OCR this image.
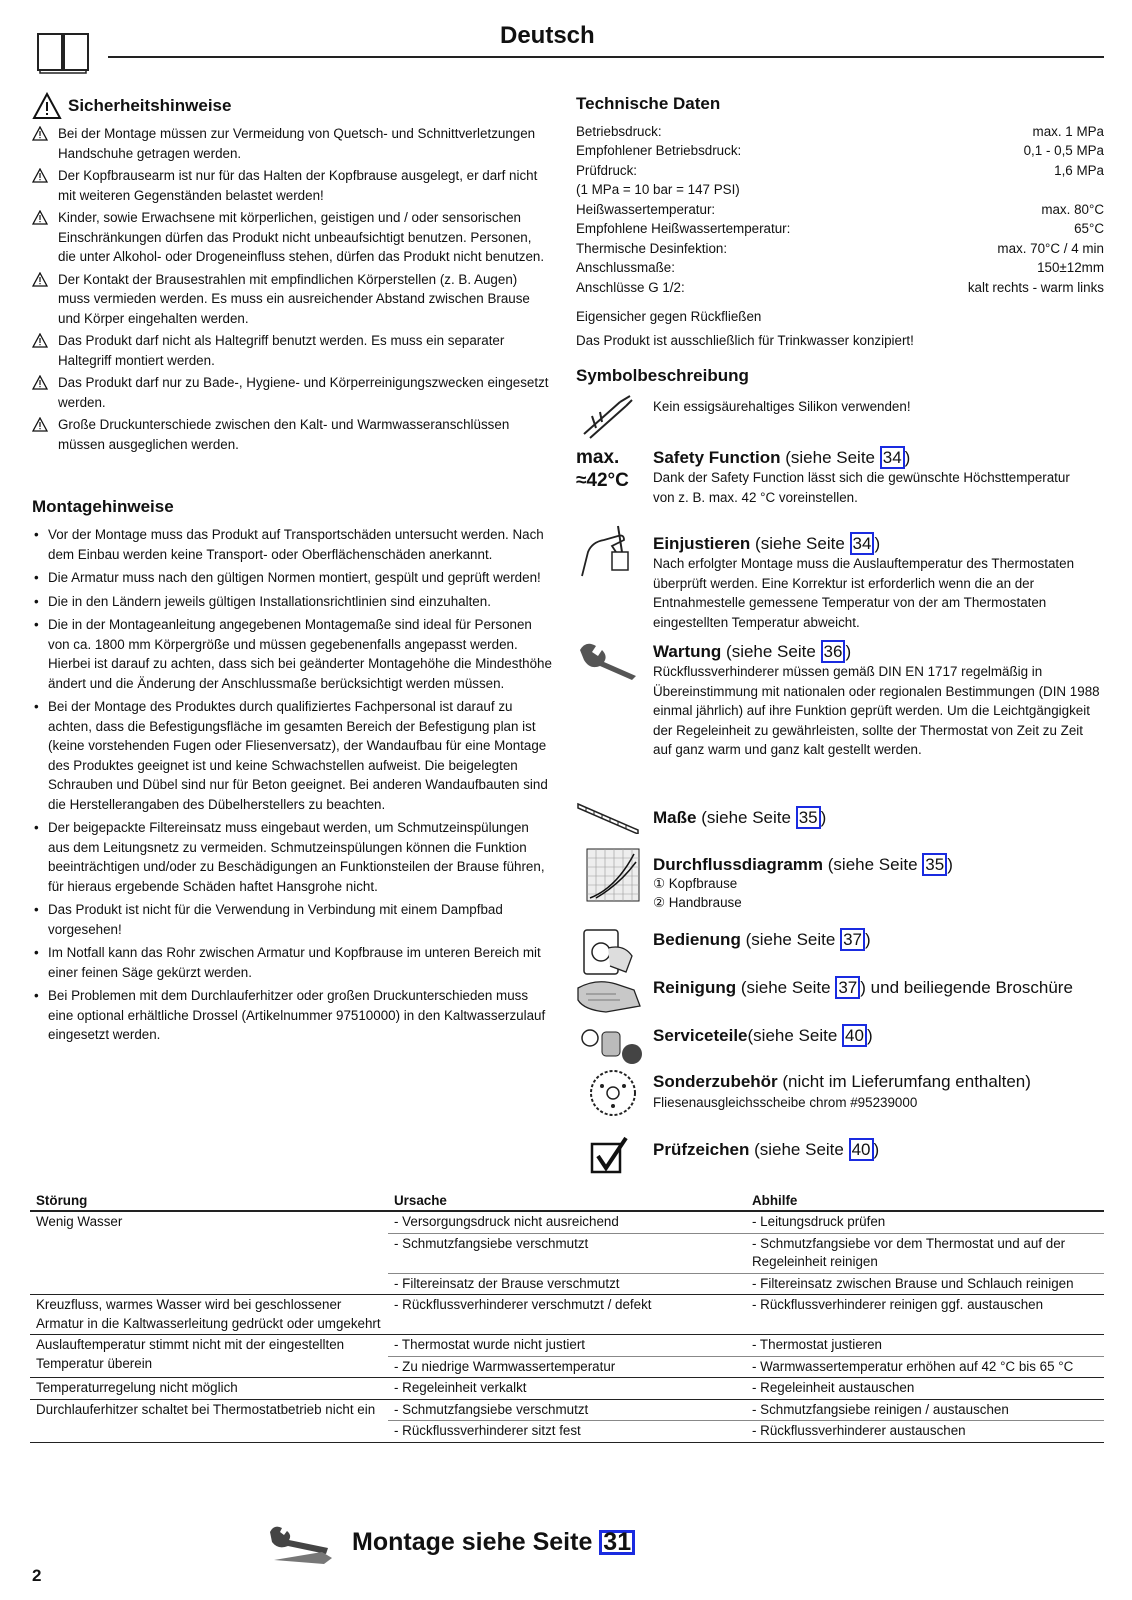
Deutsch
Sicherheitshinweise
Bei der Montage müssen zur Vermeidung von Quetsch- und Schnittverletzungen Handschuhe getragen werden.
Der Kopfbrausearm ist nur für das Halten der Kopfbrause ausgelegt, er darf nicht mit weiteren Gegenständen belastet werden!
Kinder, sowie Erwachsene mit körperlichen, geistigen und / oder sensorischen Einschränkungen dürfen das Produkt nicht unbeaufsichtigt benutzen. Personen, die unter Alkohol- oder Drogeneinfluss stehen, dürfen das Produkt nicht benutzen.
Der Kontakt der Brausestrahlen mit empfindlichen Körperstellen (z. B. Augen) muss vermieden werden. Es muss ein ausreichender Abstand zwischen Brause und Körper eingehalten werden.
Das Produkt darf nicht als Haltegriff benutzt werden. Es muss ein separater Haltegriff montiert werden.
Das Produkt darf nur zu Bade-, Hygiene- und Körperreinigungszwecken eingesetzt werden.
Große Druckunterschiede zwischen den Kalt- und Warmwasseranschlüssen müssen ausgeglichen werden.
Montagehinweise
• Vor der Montage muss das Produkt auf Transportschäden untersucht werden. Nach dem Einbau werden keine Transport- oder Oberflächenschäden anerkannt.
• Die Armatur muss nach den gültigen Normen montiert, gespült und geprüft werden!
• Die in den Ländern jeweils gültigen Installationsrichtlinien sind einzuhalten.
• Die in der Montageanleitung angegebenen Montagemaße sind ideal für Personen von ca. 1800 mm Körpergröße und müssen gegebenenfalls angepasst werden. Hierbei ist darauf zu achten, dass sich bei geänderter Montagehöhe die Mindesthöhe ändert und die Änderung der Anschlussmaße berücksichtigt werden müssen.
• Bei der Montage des Produktes durch qualifiziertes Fachpersonal ist darauf zu achten, dass die Befestigungsfläche im gesamten Bereich der Befestigung plan ist (keine vorstehenden Fugen oder Fliesenversatz), der Wandaufbau für eine Montage des Produktes geeignet ist und keine Schwachstellen aufweist. Die beigelegten Schrauben und Dübel sind nur für Beton geeignet. Bei anderen Wandaufbauten sind die Herstellerangaben des Dübelherstellers zu beachten.
• Der beigepackte Filtereinsatz muss eingebaut werden, um Schmutzeinspülungen aus dem Leitungsnetz zu vermeiden. Schmutzeinspülungen können die Funktion beeinträchtigen und/oder zu Beschädigungen an Funktionsteilen der Brause führen, für hieraus ergebende Schäden haftet Hansgrohe nicht.
• Das Produkt ist nicht für die Verwendung in Verbindung mit einem Dampfbad vorgesehen!
• Im Notfall kann das Rohr zwischen Armatur und Kopfbrause im unteren Bereich mit einer feinen Säge gekürzt werden.
• Bei Problemen mit dem Durchlauferhitzer oder großen Druckunterschieden muss eine optional erhältliche Drossel (Artikelnummer 97510000) in den Kaltwasserzulauf eingesetzt werden.
Technische Daten
Betriebsdruck:	max. 1 MPa
Empfohlener Betriebsdruck:	0,1 - 0,5 MPa
Prüfdruck:	1,6 MPa
(1 MPa = 10 bar = 147 PSI)
Heißwassertemperatur:	max. 80°C
Empfohlene Heißwassertemperatur:	65°C
Thermische Desinfektion:	max. 70°C / 4 min
Anschlussmaße:	150±12mm
Anschlüsse G 1/2:	kalt rechts - warm links
Eigensicher gegen Rückfließen
Das Produkt ist ausschließlich für Trinkwasser konzipiert!
Symbolbeschreibung
Kein essigsäurehaltiges Silikon verwenden!
max.
≈42°C
Safety Function (siehe Seite 34 )
Dank der Safety Function lässt sich die gewünschte Höchsttemperatur von z. B. max. 42 °C voreinstellen.
Einjustieren (siehe Seite 34 )
Nach erfolgter Montage muss die Auslauftemperatur des Thermostaten überprüft werden. Eine Korrektur ist erforderlich wenn die an der Entnahmestelle gemessene Temperatur von der am Thermostaten eingestellten Temperatur abweicht.
Wartung (siehe Seite 36 )
Rückflussverhinderer müssen gemäß DIN EN 1717 regelmäßig in Übereinstimmung mit nationalen oder regionalen Bestimmungen (DIN 1988 einmal jährlich) auf ihre Funktion geprüft werden. Um die Leichtgängigkeit der Regeleinheit zu gewährleisten, sollte der Thermostat von Zeit zu Zeit auf ganz warm und ganz kalt gestellt werden.
Maße (siehe Seite 35 )
Durchflussdiagramm (siehe Seite 35 )
① Kopfbrause
② Handbrause
Bedienung (siehe Seite 37 )
Reinigung (siehe Seite 37 ) und beiliegende Broschüre
Serviceteile(siehe Seite 40 )
Sonderzubehör (nicht im Lieferumfang enthalten)
Fliesenausgleichsscheibe chrom #95239000
Prüfzeichen (siehe Seite 40 )
Störung	Ursache	Abhilfe
Wenig Wasser	- Versorgungsdruck nicht ausreichend	- Leitungsdruck prüfen
	- Schmutzfangsiebe verschmutzt	- Schmutzfangsiebe vor dem Thermostat und auf der Regeleinheit reinigen
	- Filtereinsatz der Brause verschmutzt	- Filtereinsatz zwischen Brause und Schlauch reinigen
Kreuzfluss, warmes Wasser wird bei geschlossener Armatur in die Kaltwasserleitung gedrückt oder umgekehrt	- Rückflussverhinderer verschmutzt / defekt	- Rückflussverhinderer reinigen ggf. austauschen
Auslauftemperatur stimmt nicht mit der eingestellten Temperatur überein	- Thermostat wurde nicht justiert	- Thermostat justieren
	- Zu niedrige Warmwassertemperatur	- Warmwassertemperatur erhöhen auf 42 °C bis 65 °C
Temperaturregelung nicht möglich	- Regeleinheit verkalkt	- Regeleinheit austauschen
Durchlauferhitzer schaltet bei Thermostatbetrieb nicht ein	- Schmutzfangsiebe verschmutzt	- Schmutzfangsiebe reinigen / austauschen
	- Rückflussverhinderer sitzt fest	- Rückflussverhinderer austauschen
Montage siehe Seite 31
2
